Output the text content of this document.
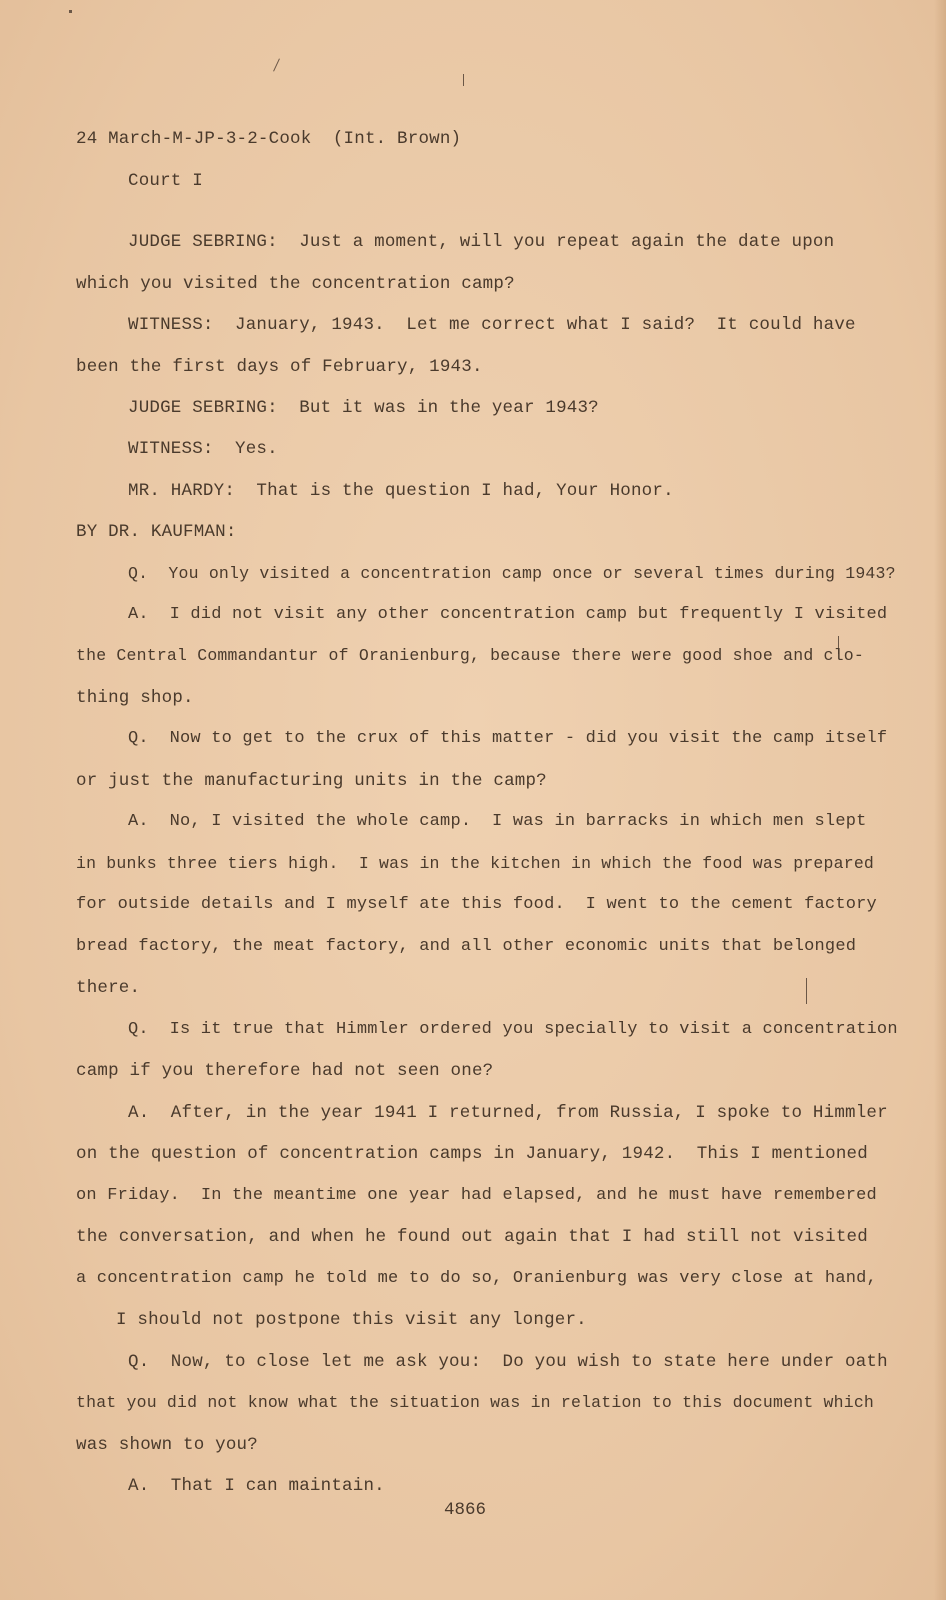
24 March-M-JP-3-2-Cook  (Int. Brown)
Court I
JUDGE SEBRING:  Just a moment, will you repeat again the date upon
which you visited the concentration camp?
WITNESS:  January, 1943.  Let me correct what I said?  It could have
been the first days of February, 1943.
JUDGE SEBRING:  But it was in the year 1943?
WITNESS:  Yes.
MR. HARDY:  That is the question I had, Your Honor.
BY DR. KAUFMAN:
Q.  You only visited a concentration camp once or several times during 1943?
A.  I did not visit any other concentration camp but frequently I visited
the Central Commandantur of Oranienburg, because there were good shoe and clo-
thing shop.
Q.  Now to get to the crux of this matter - did you visit the camp itself
or just the manufacturing units in the camp?
A.  No, I visited the whole camp.  I was in barracks in which men slept
in bunks three tiers high.  I was in the kitchen in which the food was prepared
for outside details and I myself ate this food.  I went to the cement factory
bread factory, the meat factory, and all other economic units that belonged
there.
Q.  Is it true that Himmler ordered you specially to visit a concentration
camp if you therefore had not seen one?
A.  After, in the year 1941 I returned, from Russia, I spoke to Himmler
on the question of concentration camps in January, 1942.  This I mentioned
on Friday.  In the meantime one year had elapsed, and he must have remembered
the conversation, and when he found out again that I had still not visited
a concentration camp he told me to do so, Oranienburg was very close at hand,
I should not postpone this visit any longer.
Q.  Now, to close let me ask you:  Do you wish to state here under oath
that you did not know what the situation was in relation to this document which
was shown to you?
A.  That I can maintain.
4866
